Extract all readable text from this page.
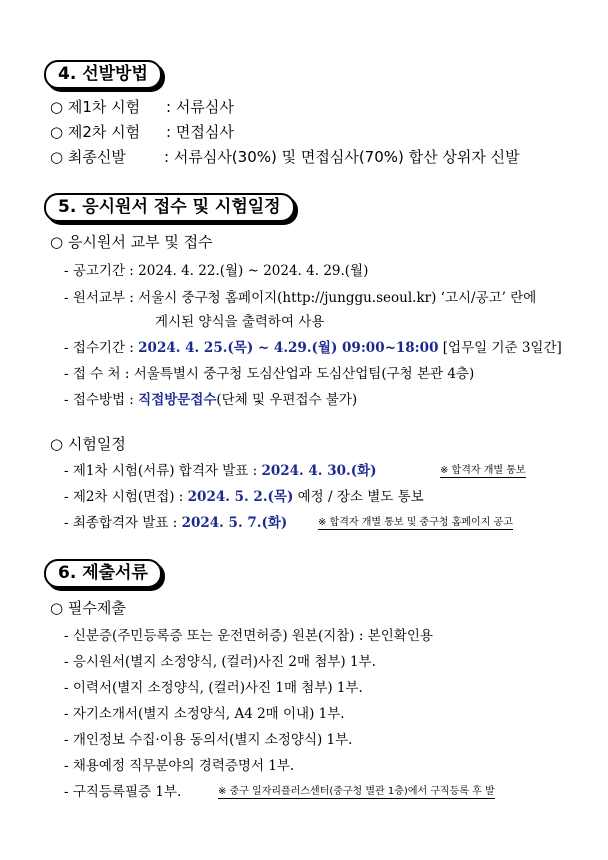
4. 선발방법
○ 제1차 시험 : 서류심사
○ 제2차 시험 : 면접심사
○ 최종신발	: 서류심사(30%) 및 면접심사(70%) 합산 상위자 신발
5. 응시원서 접수 및 시험일정
○ 응시원서 교부 및 접수
- 공고기간 : 2024. 4. 22.(월) ~ 2024. 4. 29.(월)
- 원서교부 : 서울시 중구청 홈페이지(http://junggu.seoul.kr) ‘고시/공고’ 란에
게시된 양식을 출력하여 사용
- 접수기간 : 2024. 4. 25.(목) ~ 4.29.(월) 09:00~18:00 [업무일 기준 3일간]
- 접 수 처 : 서울특별시 중구청 도심산업과 도심산업팀(구청 본관 4층)
- 접수방법 : 직접방문접수(단체 및 우편접수 불가)
○ 시험일정
- 제1차 시험(서류) 합격자 발표 : 2024. 4. 30.(화)	※ 합격자 개별 통보
- 제2차 시험(면접) : 2024. 5. 2.(목) 예정 / 장소 별도 통보
- 최종합격자 발표 : 2024. 5. 7.(화)	※ 합격자 개별 통보 및 중구청 홈페이지 공고
6. 제출서류
○ 필수제출
- 신분증(주민등록증 또는 운전면허증) 원본(지참) : 본인확인용
- 응시원서(별지 소정양식, (컬러)사진 2매 첨부) 1부.
- 이력서(별지 소정양식, (컬러)사진 1매 첨부) 1부.
- 자기소개서(별지 소정양식, A4 2매 이내) 1부.
- 개인정보 수집·이용 동의서(별지 소정양식) 1부.
- 채용예정 직무분야의 경력증명서 1부.
- 구직등록필증 1부.	※ 중구 일자리플러스센터(중구청 별관 1층)에서 구직등록 후 발
